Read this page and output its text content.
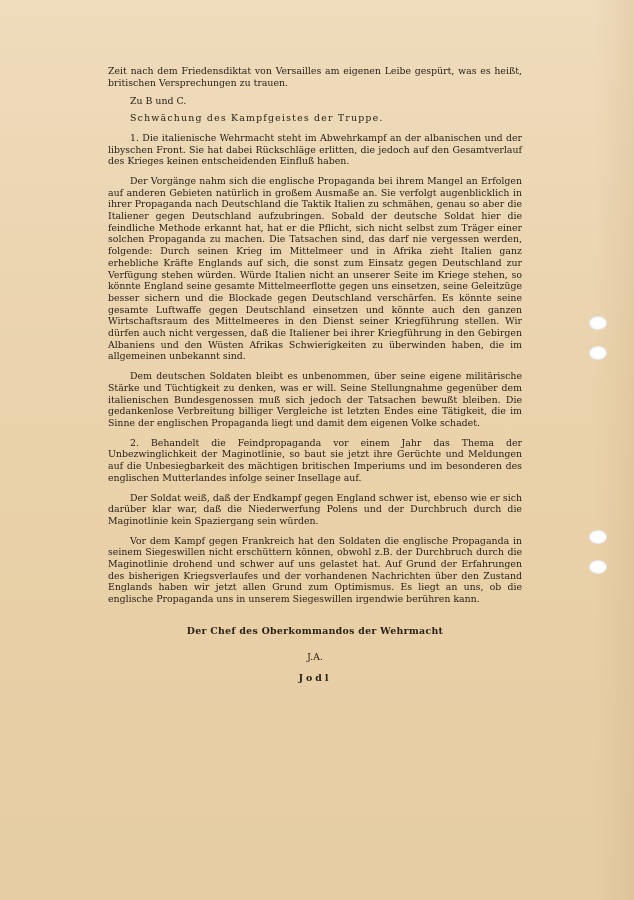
Zeit nach dem Friedensdiktat von Versailles am eigenen Leibe gespürt, was es heißt, britischen Versprechungen zu trauen.

Zu B und C.

Schwächung des Kampfgeistes der Truppe.

1. Die italienische Wehrmacht steht im Abwehrkampf an der albanischen und der libyschen Front. Sie hat dabei Rückschläge erlitten, die jedoch auf den Gesamtverlauf des Krieges keinen entscheidenden Einfluß haben.

Der Vorgänge nahm sich die englische Propaganda bei ihrem Mangel an Erfolgen auf anderen Gebieten natürlich in großem Ausmaße an. Sie verfolgt augenblicklich in ihrer Propaganda nach Deutschland die Taktik Italien zu schmähen, genau so aber die Italiener gegen Deutschland aufzubringen. Sobald der deutsche Soldat hier die feindliche Methode erkannt hat, hat er die Pflicht, sich nicht selbst zum Träger einer solchen Propaganda zu machen. Die Tatsachen sind, das darf nie vergessen werden, folgende: Durch seinen Krieg im Mittelmeer und in Afrika zieht Italien ganz erhebliche Kräfte Englands auf sich, die sonst zum Einsatz gegen Deutschland zur Verfügung stehen würden. Würde Italien nicht an unserer Seite im Kriege stehen, so könnte England seine gesamte Mittelmeerflotte gegen uns einsetzen, seine Geleitzüge besser sichern und die Blockade gegen Deutschland verschärfen. Es könnte seine gesamte Luftwaffe gegen Deutschland einsetzen und könnte auch den ganzen Wirtschaftsraum des Mittelmeeres in den Dienst seiner Kriegführung stellen. Wir dürfen auch nicht vergessen, daß die Italiener bei ihrer Kriegführung in den Gebirgen Albaniens und den Wüsten Afrikas Schwierigkeiten zu überwinden haben, die im allgemeinen unbekannt sind.

Dem deutschen Soldaten bleibt es unbenommen, über seine eigene militärische Stärke und Tüchtigkeit zu denken, was er will. Seine Stellungnahme gegenüber dem italienischen Bundesgenossen muß sich jedoch der Tatsachen bewußt bleiben. Die gedankenlose Verbreitung billiger Vergleiche ist letzten Endes eine Tätigkeit, die im Sinne der englischen Propaganda liegt und damit dem eigenen Volke schadet.

2. Behandelt die Feindpropaganda vor einem Jahr das Thema der Unbezwinglichkeit der Maginotlinie, so baut sie jetzt ihre Gerüchte und Meldungen auf die Unbesiegbarkeit des mächtigen britischen Imperiums und im besonderen des englischen Mutterlandes infolge seiner Insellage auf.

Der Soldat weiß, daß der Endkampf gegen England schwer ist, ebenso wie er sich darüber klar war, daß die Niederwerfung Polens und der Durchbruch durch die Maginotlinie kein Spaziergang sein würden.

Vor dem Kampf gegen Frankreich hat den Soldaten die englische Propaganda in seinem Siegeswillen nicht erschüttern können, obwohl z.B. der Durchbruch durch die Maginotlinie drohend und schwer auf uns gelastet hat. Auf Grund der Erfahrungen des bisherigen Kriegsverlaufes und der vorhandenen Nachrichten über den Zustand Englands haben wir jetzt allen Grund zum Optimismus. Es liegt an uns, ob die englische Propaganda uns in unserem Siegeswillen irgendwie berühren kann.

Der Chef des Oberkommandos der Wehrmacht
J.A.
Jodl
